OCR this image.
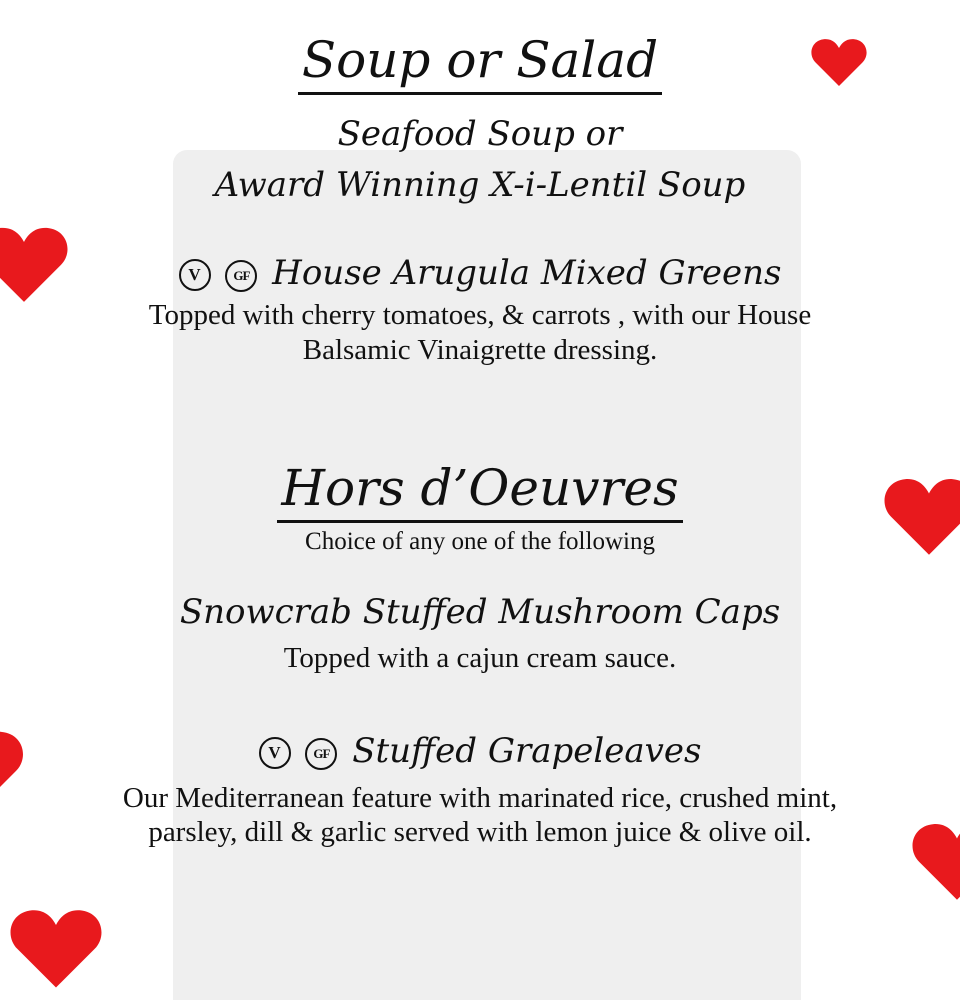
Soup or Salad
Seafood Soup or
Award Winning X-i-Lentil Soup
V	GF House Arugula Mixed Greens
Topped with cherry tomatoes, & carrots , with our House
Balsamic Vinaigrette dressing.
Hors d’Oeuvres
Choice of any one of the following
Snowcrab Stuffed Mushroom Caps
Topped with a cajun cream sauce.
V	GF Stuffed Grapeleaves
Our Mediterranean feature with marinated rice, crushed mint,
parsley, dill & garlic served with lemon juice & olive oil.
